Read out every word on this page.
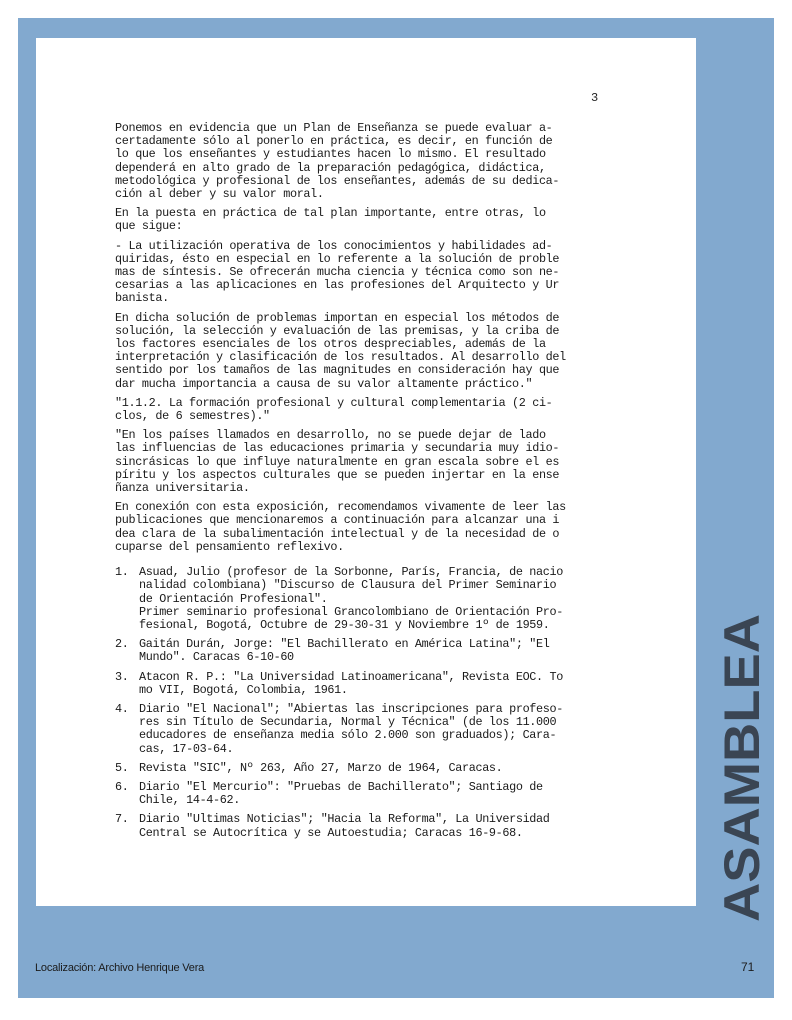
3

Ponemos en evidencia que un Plan de Enseñanza se puede evaluar a-
certadamente sólo al ponerlo en práctica, es decir, en función de
lo que los enseñantes y estudiantes hacen lo mismo. El resultado
dependerá en alto grado de la preparación pedagógica, didáctica,
metodológica y profesional de los enseñantes, además de su dedica-
ción al deber y su valor moral.

En la puesta en práctica de tal plan importante, entre otras, lo
que sigue:

- La utilización operativa de los conocimientos y habilidades ad-
quiridas, ésto en especial en lo referente a la solución de proble
mas de síntesis. Se ofrecerán mucha ciencia y técnica como son ne-
cesarias a las aplicaciones en las profesiones del Arquitecto y Ur
banista.

En dicha solución de problemas importan en especial los métodos de
solución, la selección y evaluación de las premisas, y la criba de
los factores esenciales de los otros despreciables, además de la
interpretación y clasificación de los resultados. Al desarrollo del
sentido por los tamaños de las magnitudes en consideración hay que
dar mucha importancia a causa de su valor altamente práctico."

"1.1.2. La formación profesional y cultural complementaria (2 ci-
clos, de 6 semestres)."

"En los países llamados en desarrollo, no se puede dejar de lado
las influencias de las educaciones primaria y secundaria muy idio-
sincrásicas lo que influye naturalmente en gran escala sobre el es
píritu y los aspectos culturales que se pueden injertar en la ense
ñanza universitaria.

En conexión con esta exposición, recomendamos vivamente de leer las
publicaciones que mencionaremos a continuación para alcanzar una i
dea clara de la subalimentación intelectual y de la necesidad de o
cuparse del pensamiento reflexivo.

1. Asuad, Julio (profesor de la Sorbonne, París, Francia, de nacio
nalidad colombiana) "Discurso de Clausura del Primer Seminario
de Orientación Profesional".
Primer seminario profesional Grancolombiano de Orientación Pro-
fesional, Bogotá, Octubre de 29-30-31 y Noviembre 1º de 1959.
2. Gaitán Durán, Jorge: "El Bachillerato en América Latina"; "El
Mundo". Caracas 6-10-60
3. Atacon R. P.: "La Universidad Latinoamericana", Revista EOC. To
mo VII, Bogotá, Colombia, 1961.
4. Diario "El Nacional"; "Abiertas las inscripciones para profeso-
res sin Título de Secundaria, Normal y Técnica" (de los 11.000
educadores de enseñanza media sólo 2.000 son graduados); Cara-
cas, 17-03-64.
5. Revista "SIC", Nº 263, Año 27, Marzo de 1964, Caracas.
6. Diario "El Mercurio": "Pruebas de Bachillerato"; Santiago de
Chile, 14-4-62.
7. Diario "Ultimas Noticias"; "Hacia la Reforma", La Universidad
Central se Autocrítica y se Autoestudia; Caracas 16-9-68.	ASAMBLEA
Localización: Archivo Henrique Vera	71
